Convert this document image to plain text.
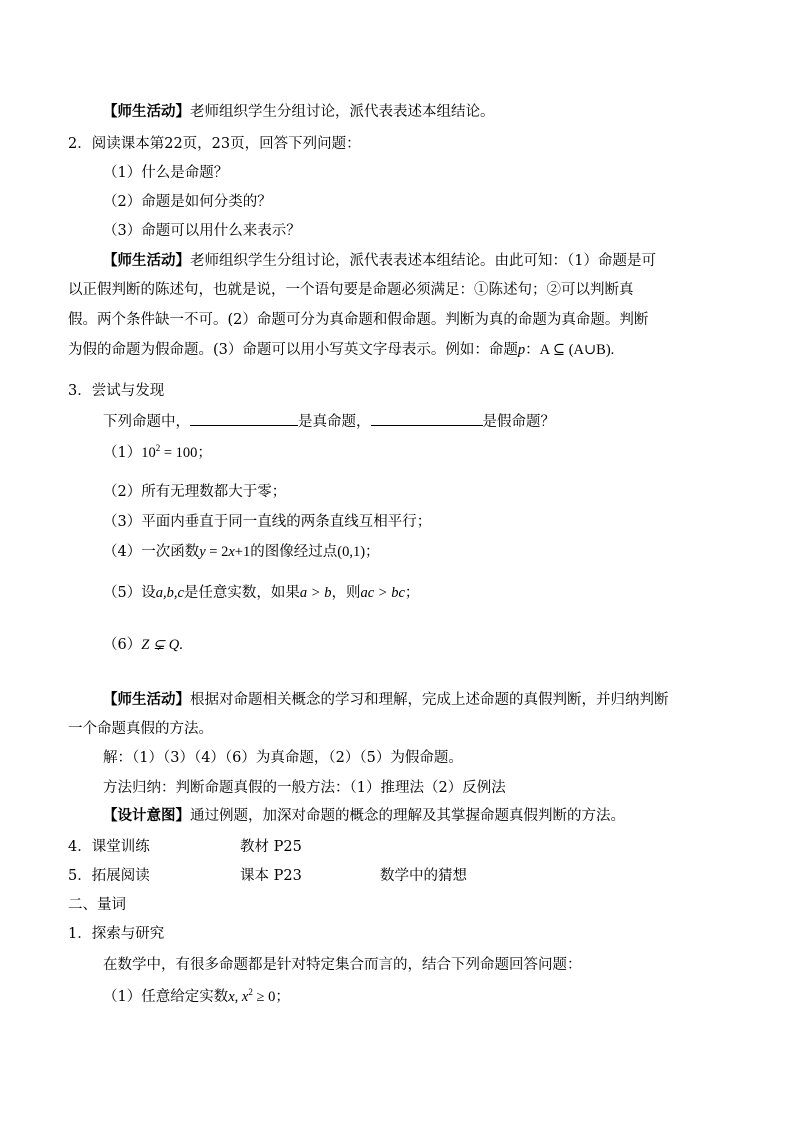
【师生活动】老师组织学生分组讨论，派代表表述本组结论。
2．阅读课本第22页，23页，回答下列问题：
（1）什么是命题？
（2）命题是如何分类的？
（3）命题可以用什么来表示？
【师生活动】老师组织学生分组讨论，派代表表述本组结论。由此可知：（1）命题是可
以正假判断的陈述句，也就是说，一个语句要是命题必须满足：①陈述句；②可以判断真
假。两个条件缺一不可。(2）命题可分为真命题和假命题。判断为真的命题为真命题。判断
为假的命题为假命题。(3）命题可以用小写英文字母表示。例如：命题p：A ⊆ (A∪B).
3．尝试与发现
下列命题中，	是真命题，	是假命题？
$(1)10^2 = 100$；
（2）所有无理数都大于零；
（3）平面内垂直于同一直线的两条直线互相平行；
（4）一次函数y = 2x+1的图像经过点(0,1)；
（5）设a,b,c是任意实数，如果a > b，则ac > bc；
（6）Z ⊊ Q.
【师生活动】根据对命题相关概念的学习和理解，完成上述命题的真假判断，并归纳判断
一个命题真假的方法。
解：（1）（3）（4）（6）为真命题，（2）（5）为假命题。
方法归纳：判断命题真假的一般方法：（1）推理法（2）反例法
【设计意图】通过例题，加深对命题的概念的理解及其掌握命题真假判断的方法。
4．课堂训练	教材 P25
5．拓展阅读	课本 P23	数学中的猜想
二、量词
1．探索与研究
在数学中，有很多命题都是针对特定集合而言的，结合下列命题回答问题：
（1）任意给定实数x, $x^2 \ge 0$；
